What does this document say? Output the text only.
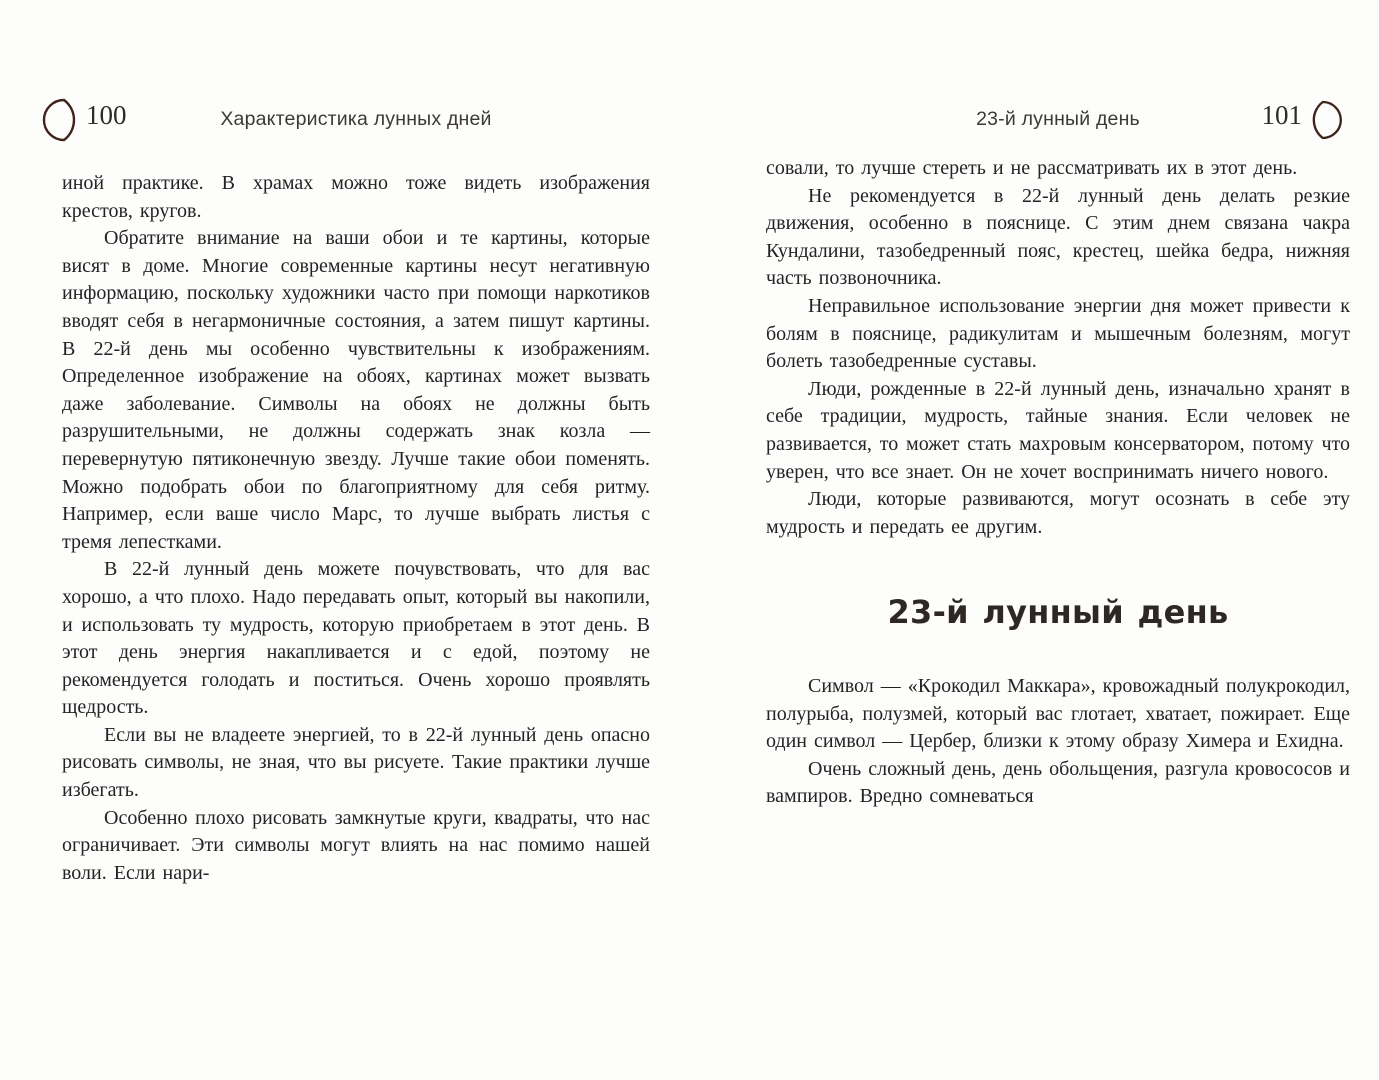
100	Характеристика лунных дней

иной практике. В храмах можно тоже видеть изображения крестов, кругов.

Обратите внимание на ваши обои и те картины, которые висят в доме. Многие современные картины несут негативную информацию, поскольку художники часто при помощи наркотиков вводят себя в негармоничные состояния, а затем пишут картины. В 22-й день мы особенно чувствительны к изображениям. Определенное изображение на обоях, картинах может вызвать даже заболевание. Символы на обоях не должны быть разрушительными, не должны содержать знак козла — перевернутую пятиконечную звезду. Лучше такие обои поменять. Можно подобрать обои по благоприятному для себя ритму. Например, если ваше число Марс, то лучше выбрать листья с тремя лепестками.

В 22-й лунный день можете почувствовать, что для вас хорошо, а что плохо. Надо передавать опыт, который вы накопили, и использовать ту мудрость, которую приобретаем в этот день. В этот день энергия накапливается и с едой, поэтому не рекомендуется голодать и поститься. Очень хорошо проявлять щедрость.

Если вы не владеете энергией, то в 22-й лунный день опасно рисовать символы, не зная, что вы рисуете. Такие практики лучше избегать.

Особенно плохо рисовать замкнутые круги, квадраты, что нас ограничивает. Эти символы могут влиять на нас помимо нашей воли. Если нари-

23-й лунный день	101

совали, то лучше стереть и не рассматривать их в этот день.

Не рекомендуется в 22-й лунный день делать резкие движения, особенно в пояснице. С этим днем связана чакра Кундалини, тазобедренный пояс, крестец, шейка бедра, нижняя часть позвоночника.

Неправильное использование энергии дня может привести к болям в пояснице, радикулитам и мышечным болезням, могут болеть тазобедренные суставы.

Люди, рожденные в 22-й лунный день, изначально хранят в себе традиции, мудрость, тайные знания. Если человек не развивается, то может стать махровым консерватором, потому что уверен, что все знает. Он не хочет воспринимать ничего нового.

Люди, которые развиваются, могут осознать в себе эту мудрость и передать ее другим.

23-й лунный день

Символ — «Крокодил Маккара», кровожадный полукрокодил, полурыба, полузмей, который вас глотает, хватает, пожирает. Еще один символ — Цербер, близки к этому образу Химера и Ехидна.

Очень сложный день, день обольщения, разгула кровососов и вампиров. Вредно сомневаться
